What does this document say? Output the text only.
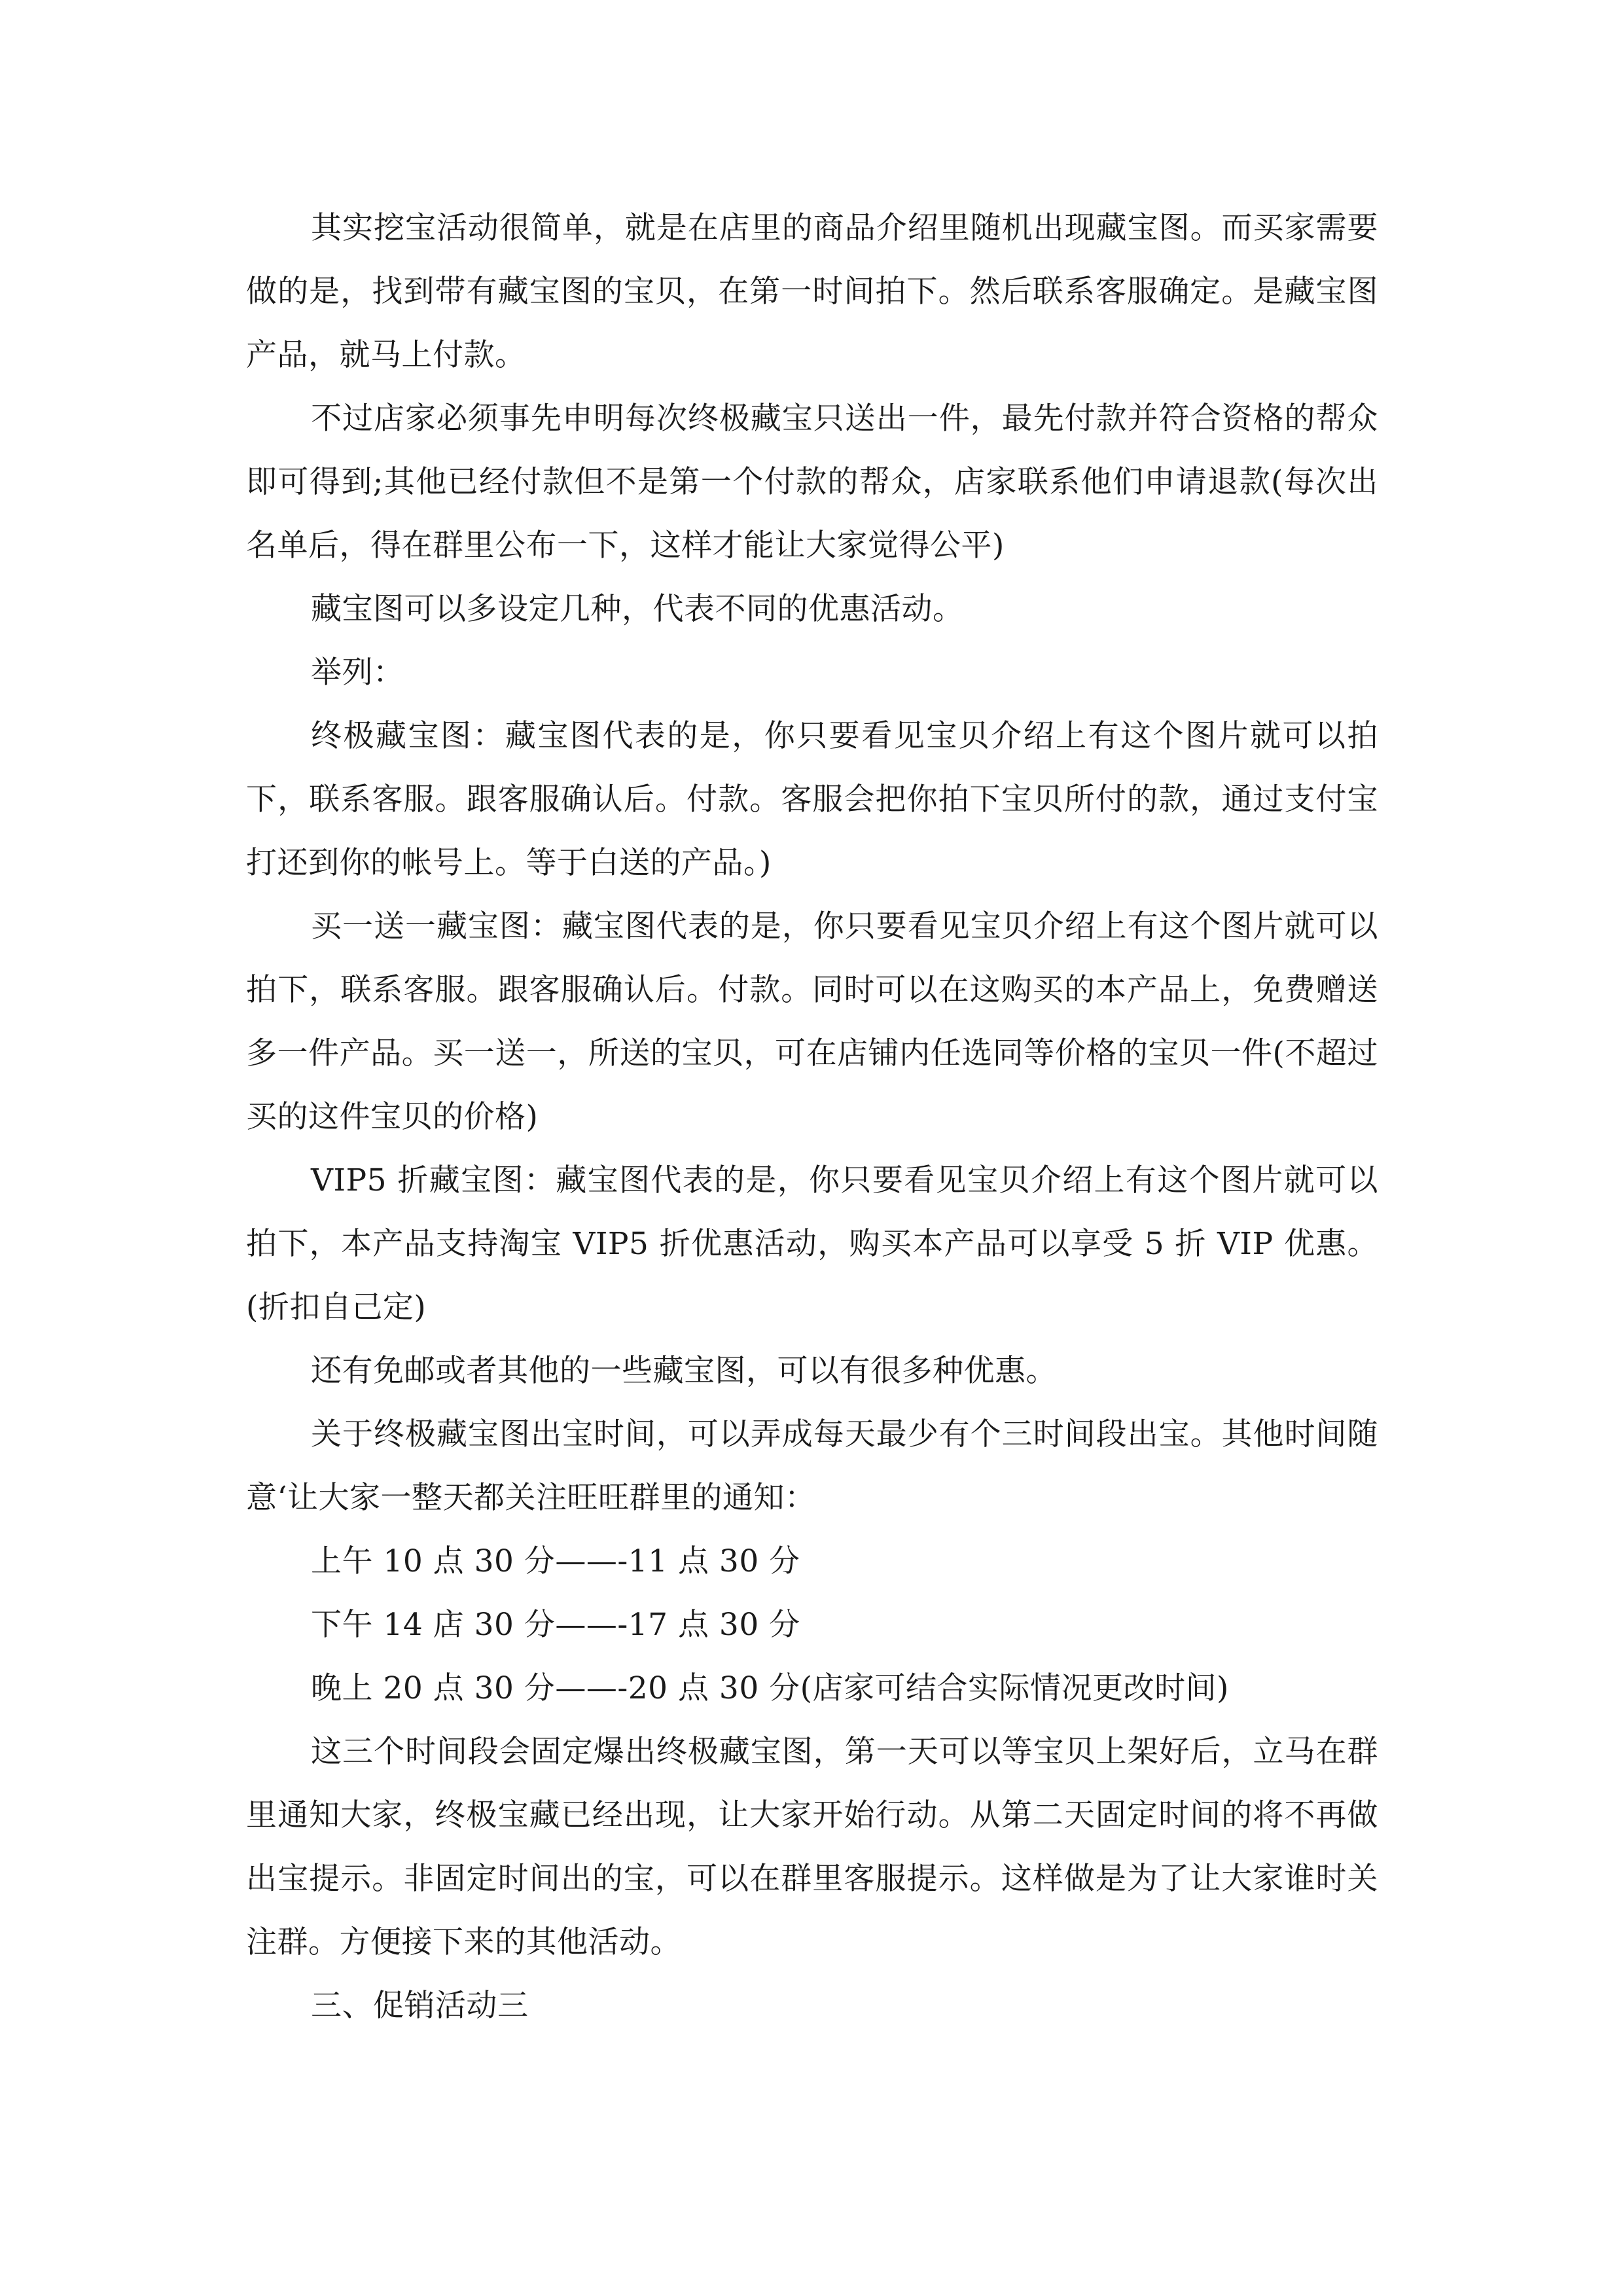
其实挖宝活动很简单，就是在店里的商品介绍里随机出现藏宝图。而买家需要做的是，找到带有藏宝图的宝贝，在第一时间拍下。然后联系客服确定。是藏宝图产品，就马上付款。

不过店家必须事先申明每次终极藏宝只送出一件，最先付款并符合资格的帮众即可得到;其他已经付款但不是第一个付款的帮众，店家联系他们申请退款(每次出名单后，得在群里公布一下，这样才能让大家觉得公平)

藏宝图可以多设定几种，代表不同的优惠活动。

举列：

终极藏宝图：藏宝图代表的是，你只要看见宝贝介绍上有这个图片就可以拍下，联系客服。跟客服确认后。付款。客服会把你拍下宝贝所付的款，通过支付宝打还到你的帐号上。等于白送的产品。)

买一送一藏宝图：藏宝图代表的是，你只要看见宝贝介绍上有这个图片就可以拍下，联系客服。跟客服确认后。付款。同时可以在这购买的本产品上，免费赠送多一件产品。买一送一，所送的宝贝，可在店铺内任选同等价格的宝贝一件(不超过买的这件宝贝的价格)

VIP5 折藏宝图：藏宝图代表的是，你只要看见宝贝介绍上有这个图片就可以拍下，本产品支持淘宝 VIP5 折优惠活动，购买本产品可以享受 5 折 VIP 优惠。(折扣自己定)

还有免邮或者其他的一些藏宝图，可以有很多种优惠。

关于终极藏宝图出宝时间，可以弄成每天最少有个三时间段出宝。其他时间随意‘让大家一整天都关注旺旺群里的通知：

上午 10 点 30 分——-11 点 30 分

下午 14 店 30 分——-17 点 30 分

晚上 20 点 30 分——-20 点 30 分(店家可结合实际情况更改时间)

这三个时间段会固定爆出终极藏宝图，第一天可以等宝贝上架好后，立马在群里通知大家，终极宝藏已经出现，让大家开始行动。从第二天固定时间的将不再做出宝提示。非固定时间出的宝，可以在群里客服提示。这样做是为了让大家谁时关注群。方便接下来的其他活动。

三、促销活动三
